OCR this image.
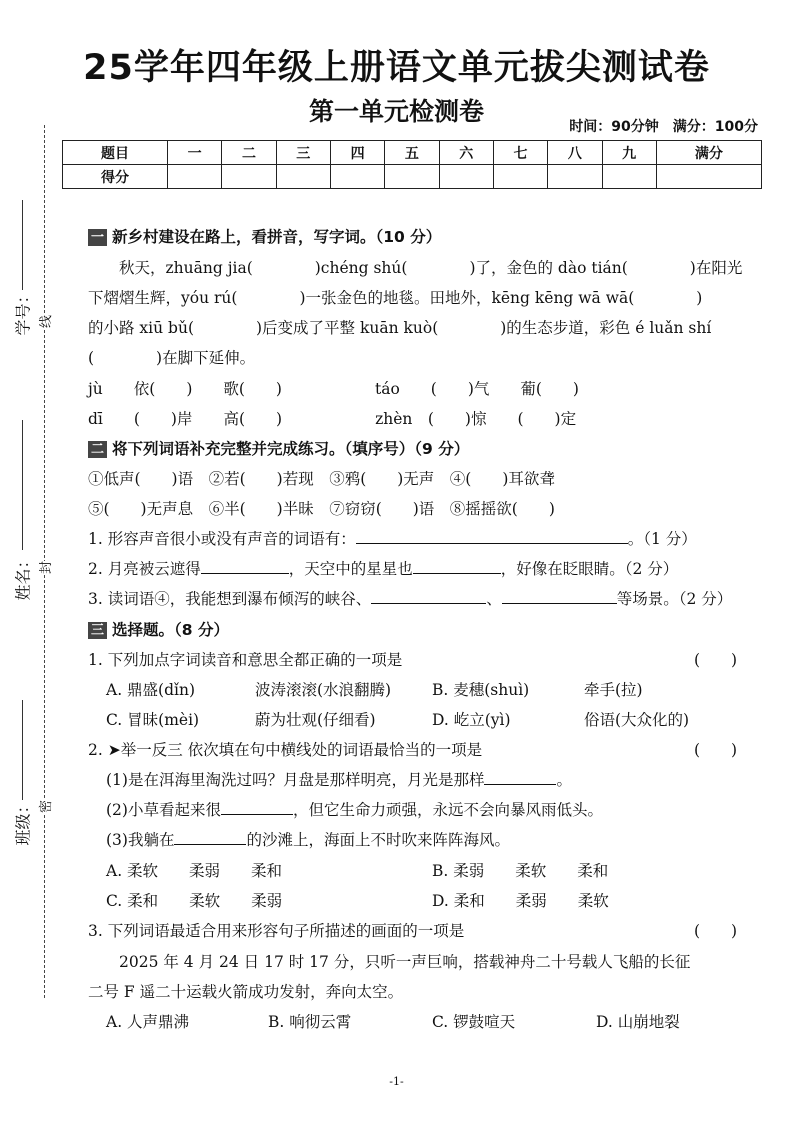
25学年四年级上册语文单元拔尖测试卷
第一单元检测卷
时间：90分钟　满分：100分
题目	一	二	三	四	五	六	七	八	九	满分
得分										
学号：
姓名：
班级：
线
封
密
一 新乡村建设在路上，看拼音，写字词。（10 分）
　　秋天，zhuāng jia(　　　　)chéng shú(　　　　)了，金色的 dào tián(　　　　)在阳光
下熠熠生辉，yóu rú(　　　　)一张金色的地毯。田地外，kēng kēng wā wā(　　　　)
的小路 xiū bǔ(　　　　)后变成了平整 kuān kuò(　　　　)的生态步道，彩色 é luǎn shí
(　　　　)在脚下延伸。
jù　　依(　　)　　歌(　　)　　　　　　táo　　(　　)气　　葡(　　)
dī　　(　　)岸　　高(　　)　　　　　　zhèn　(　　)惊　　(　　)定
二 将下列词语补充完整并完成练习。（填序号）（9 分）
①低声(　　)语　②若(　　)若现　③鸦(　　)无声　④(　　)耳欲聋
⑤(　　)无声息　⑥半(　　)半昧　⑦窃窃(　　)语　⑧摇摇欲(　　)
1. 形容声音很小或没有声音的词语有：	。（1 分）
2. 月亮被云遮得	，天空中的星星也	，好像在眨眼睛。（2 分）
3. 读词语④，我能想到瀑布倾泻的峡谷、	、	等场景。（2 分）
三 选择题。（8 分）
1. 下列加点字词读音和意思全都正确的一项是	(　　)
A. 鼎盛(dǐn)	波涛滚滚(水浪翻腾)	B. 麦穗(shuì)	牵手(拉)
C. 冒昧(mèi)	蔚为壮观(仔细看)	D. 屹立(yì)	俗语(大众化的)
2. ➤举一反三 依次填在句中横线处的词语最恰当的一项是	(　　)
(1)是在洱海里淘洗过吗？月盘是那样明亮，月光是那样	。
(2)小草看起来很	，但它生命力顽强，永远不会向暴风雨低头。
(3)我躺在	的沙滩上，海面上不时吹来阵阵海风。
A. 柔软　　柔弱　　柔和	B. 柔弱　　柔软　　柔和
C. 柔和　　柔软　　柔弱	D. 柔和　　柔弱　　柔软
3. 下列词语最适合用来形容句子所描述的画面的一项是	(　　)
　　2025 年 4 月 24 日 17 时 17 分，只听一声巨响，搭载神舟二十号载人飞船的长征
二号 F 遥二十运载火箭成功发射，奔向太空。
A. 人声鼎沸	B. 响彻云霄	C. 锣鼓喧天	D. 山崩地裂
-1-
